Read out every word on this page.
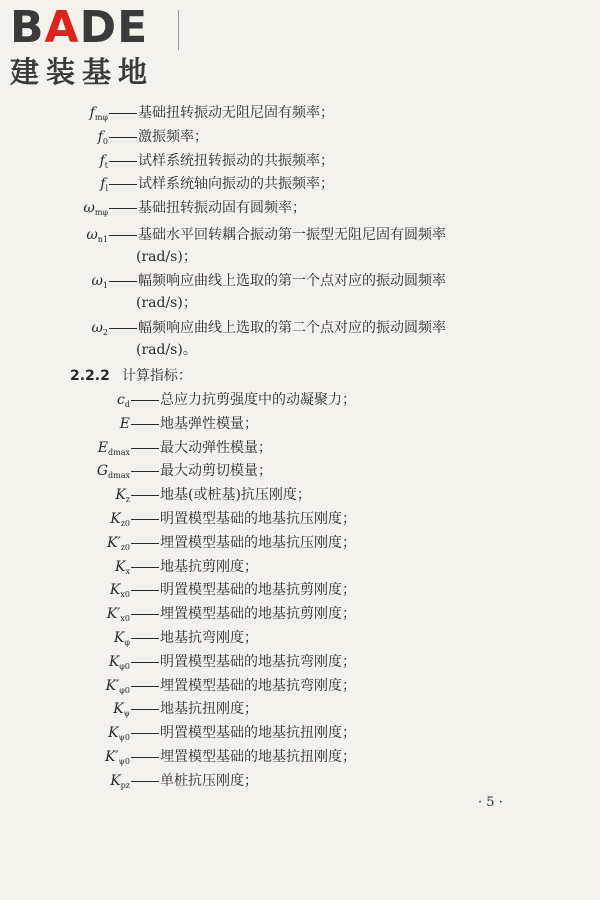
BADE
建装基地
2.2.2 计算指标：
· 5 ·
$f_{m\varphi}$ 基础扭转振动无阻尼固有频率；
$f_0$ 激振频率；
$f_t$ 试样系统扭转振动的共振频率；
$f_l$ 试样系统轴向振动的共振频率；
$\omega_{m\varphi}$ 基础扭转振动固有圆频率；
$\omega_{n1}$ 基础水平回转耦合振动第一振型无阻尼固有圆频率
(rad/s)；
$\omega_1$ 幅频响应曲线上选取的第一个点对应的振动圆频率
(rad/s)；
$\omega_2$ 幅频响应曲线上选取的第二个点对应的振动圆频率
(rad/s)。
$c_d$ 总应力抗剪强度中的动凝聚力；
E 地基弹性模量；
$E_{dmax}$ 最大动弹性模量；
$G_{dmax}$ 最大动剪切模量；
$K_z$ 地基(或桩基)抗压刚度；
$K_{z0}$ 明置模型基础的地基抗压刚度；
$K'_{z0}$ 埋置模型基础的地基抗压刚度；
$K_x$ 地基抗剪刚度；
$K_{x0}$ 明置模型基础的地基抗剪刚度；
$K'_{x0}$ 埋置模型基础的地基抗剪刚度；
$K_\varphi$ 地基抗弯刚度；
$K_{\varphi 0}$ 明置模型基础的地基抗弯刚度；
$K'_{\varphi 0}$ 埋置模型基础的地基抗弯刚度；
$K_\psi$ 地基抗扭刚度；
$K_{\psi 0}$ 明置模型基础的地基抗扭刚度；
$K'_{\psi 0}$ 埋置模型基础的地基抗扭刚度；
$K_{pz}$ 单桩抗压刚度；
